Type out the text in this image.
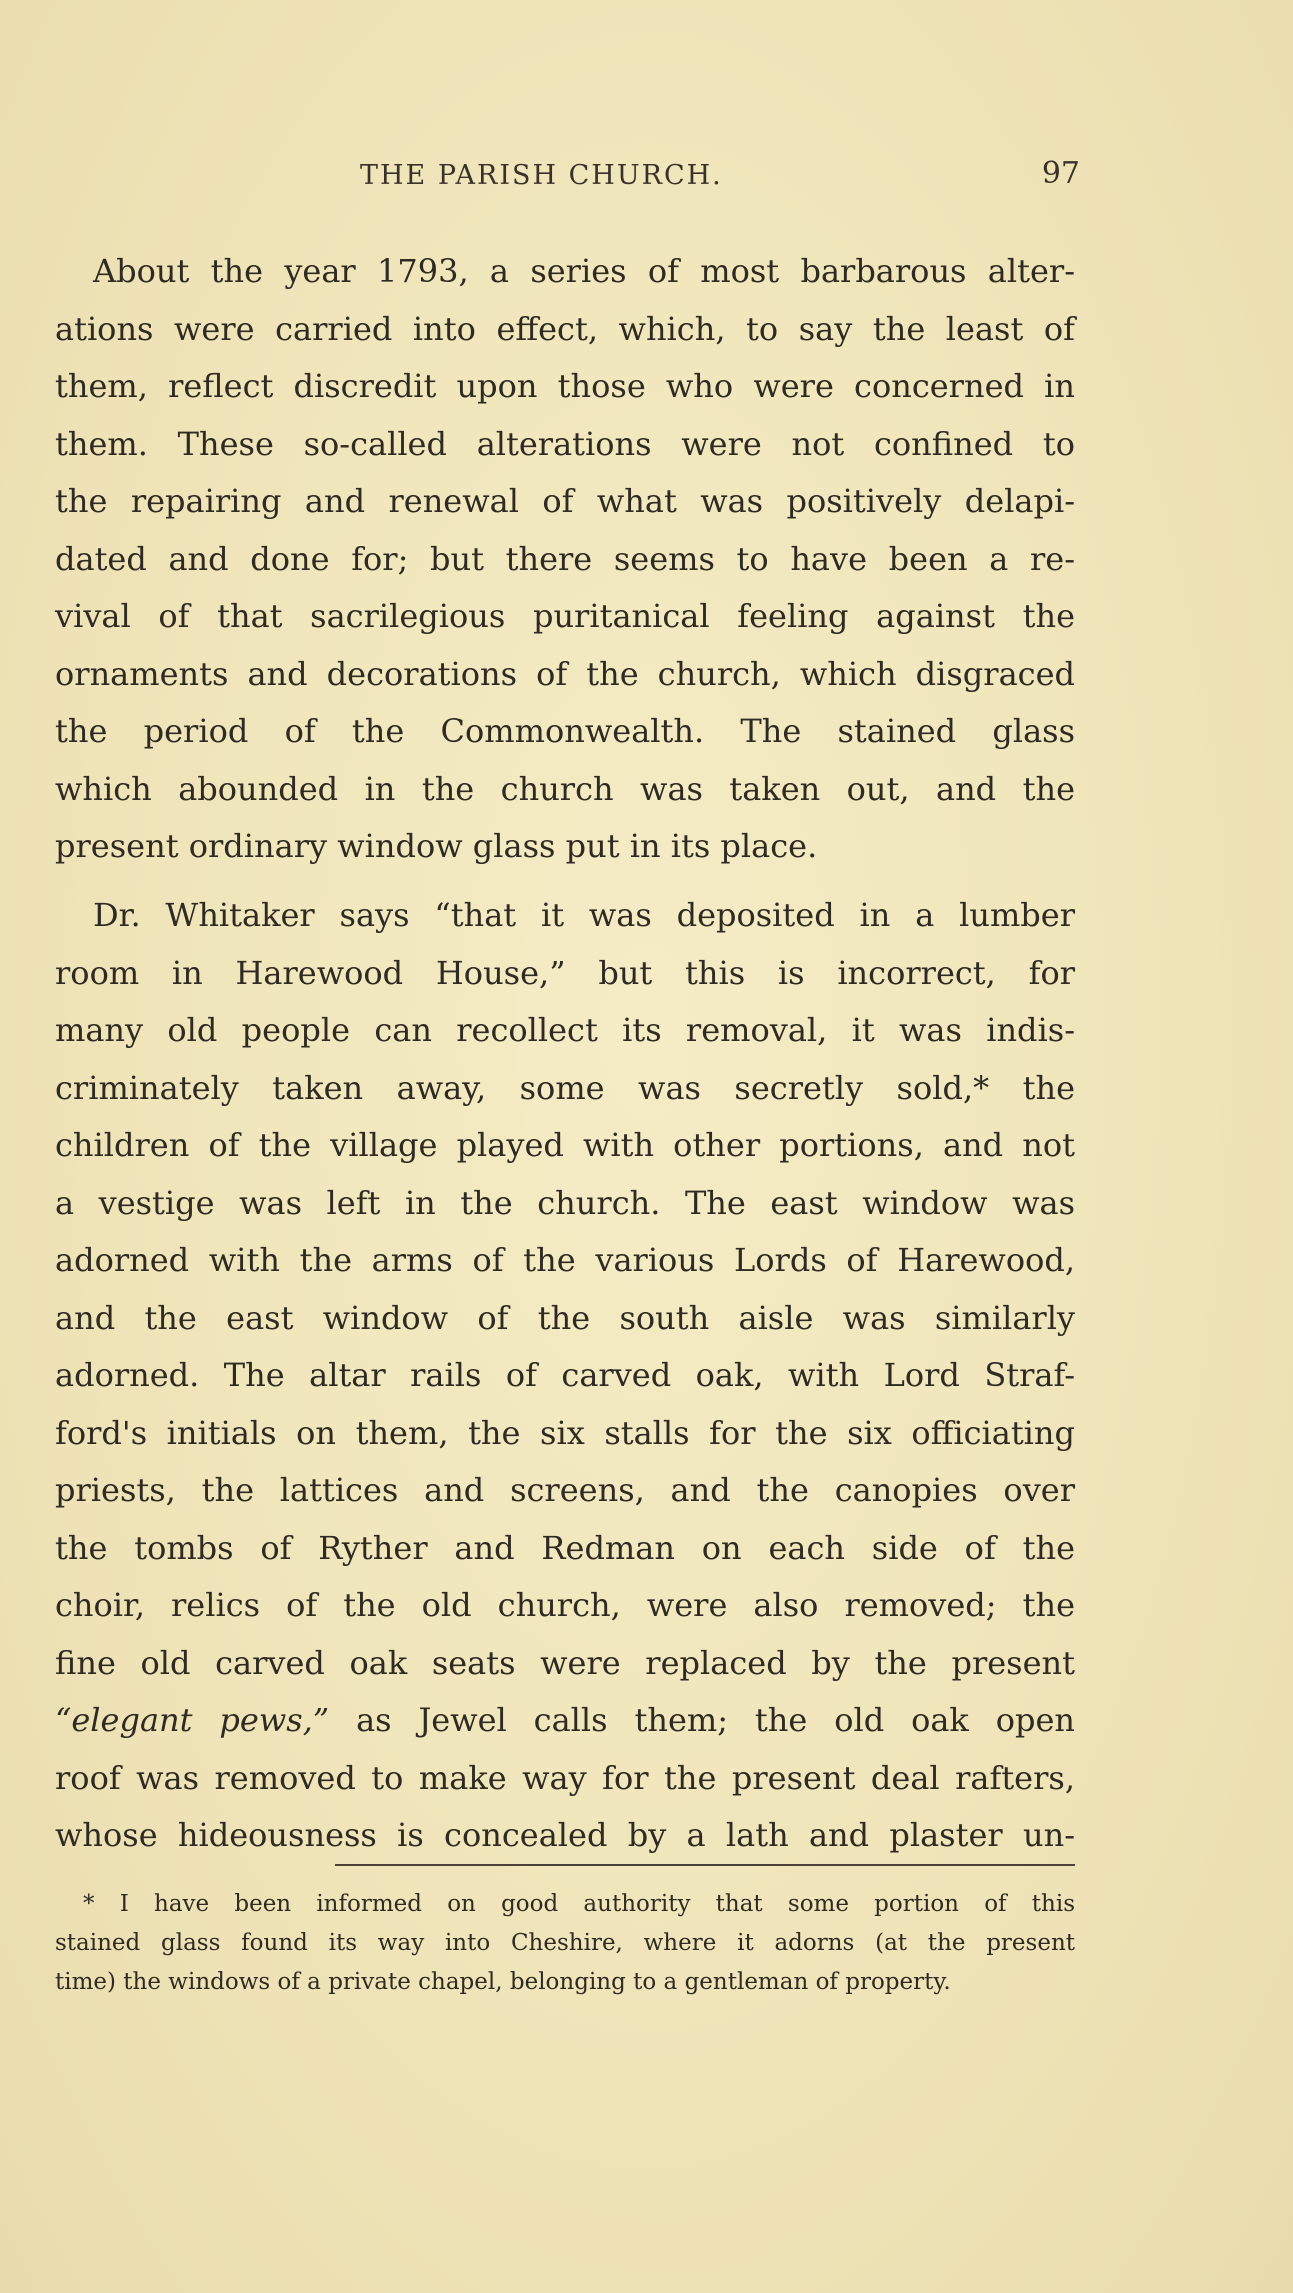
THE PARISH CHURCH.	97
About the year 1793, a series of most barbarous alter-
ations were carried into effect, which, to say the least of
them, reflect discredit upon those who were concerned in
them. These so-called alterations were not confined to
the repairing and renewal of what was positively delapi-
dated and done for; but there seems to have been a re-
vival of that sacrilegious puritanical feeling against the
ornaments and decorations of the church, which disgraced
the period of the Commonwealth. The stained glass
which abounded in the church was taken out, and the
present ordinary window glass put in its place.
Dr. Whitaker says “that it was deposited in a lumber
room in Harewood House,” but this is incorrect, for
many old people can recollect its removal, it was indis-
criminately taken away, some was secretly sold,* the
children of the village played with other portions, and not
a vestige was left in the church. The east window was
adorned with the arms of the various Lords of Harewood,
and the east window of the south aisle was similarly
adorned. The altar rails of carved oak, with Lord Straf-
ford's initials on them, the six stalls for the six officiating
priests, the lattices and screens, and the canopies over
the tombs of Ryther and Redman on each side of the
choir, relics of the old church, were also removed; the
fine old carved oak seats were replaced by the present
“elegant pews,” as Jewel calls them; the old oak open
roof was removed to make way for the present deal rafters,
whose hideousness is concealed by a lath and plaster un-
* I have been informed on good authority that some portion of this
stained glass found its way into Cheshire, where it adorns (at the present
time) the windows of a private chapel, belonging to a gentleman of property.
